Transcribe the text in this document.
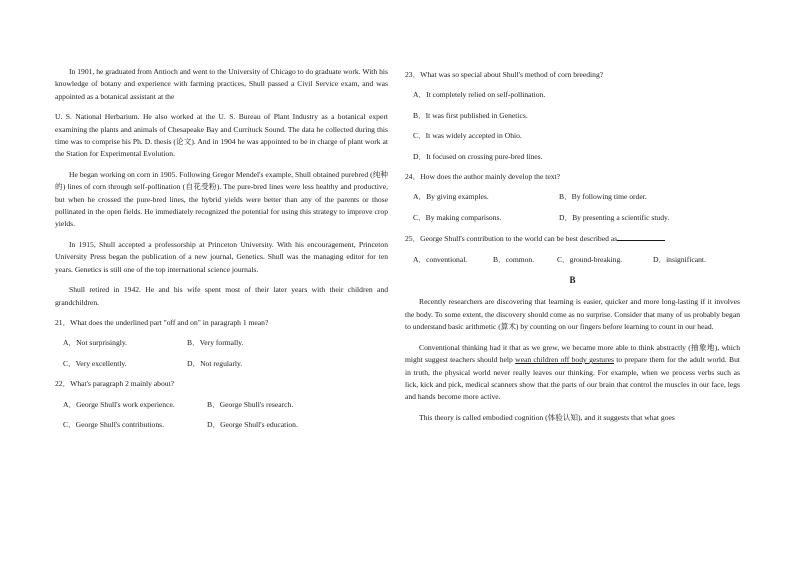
In 1901, he graduated from Antioch and went to the University of Chicago to do graduate work. With his knowledge of botany and experience with farming practices, Shull passed a Civil Service exam, and was appointed as a botanical assistant at the

U. S. National Herbarium. He also worked at the U. S. Bureau of Plant Industry as a botanical expert examining the plants and animals of Chesapeake Bay and Currituck Sound. The data he collected during this time was to comprise his Ph. D. thesis (论文). And in 1904 he was appointed to be in charge of plant work at the Station for Experimental Evolution.

He began working on corn in 1905. Following Gregor Mendel's example, Shull obtained purebred (纯种的) lines of corn through self-pollination (自花受粉). The pure-bred lines were less healthy and productive, but when he crossed the pure-bred lines, the hybrid yields were better than any of the parents or those pollinated in the open fields. He immediately recognized the potential for using this strategy to improve crop yields.

In 1915, Shull accepted a professorship at Princeton University. With his encouragement, Princeton University Press began the publication of a new journal, Genetics. Shull was the managing editor for ten years. Genetics is still one of the top international science journals.

Shull retired in 1942. He and his wife spent most of their later years with their children and grandchildren.

21．What does the underlined part "off and on" in paragraph 1 mean?
A．Not surprisingly.	B．Very formally.
C．Very excellently.	D．Not regularly.
22．What's paragraph 2 mainly about?
A．George Shull's work experience.	B．George Shull's research.
C．George Shull's contributions.	D．George Shull's education.
23．What was so special about Shull's method of corn breeding?
A．It completely relied on self-pollination.
B．It was first published in Genetics.
C．It was widely accepted in Ohio.
D．It focused on crossing pure-bred lines.
24．How does the author mainly develop the text?
A．By giving examples.	B．By following time order.
C．By making comparisons.	D．By presenting a scientific study.
25．George Shull's contribution to the world can be best described as
A．conventional.	B．common.	C．ground-breaking.	D．insignificant.
B

Recently researchers are discovering that learning is easier, quicker and more long-lasting if it involves the body. To some extent, the discovery should come as no surprise. Consider that many of us probably began to understand basic arithmetic (算术) by counting on our fingers before learning to count in our head.

Conventional thinking had it that as we grew, we became more able to think abstractly (抽象地), which might suggest teachers should help wean children off body gestures to prepare them for the adult world. But in truth, the physical world never really leaves our thinking. For example, when we process verbs such as lick, kick and pick, medical scanners show that the parts of our brain that control the muscles in our face, legs and hands become more active.

This theory is called embodied cognition (体验认知), and it suggests that what goes
